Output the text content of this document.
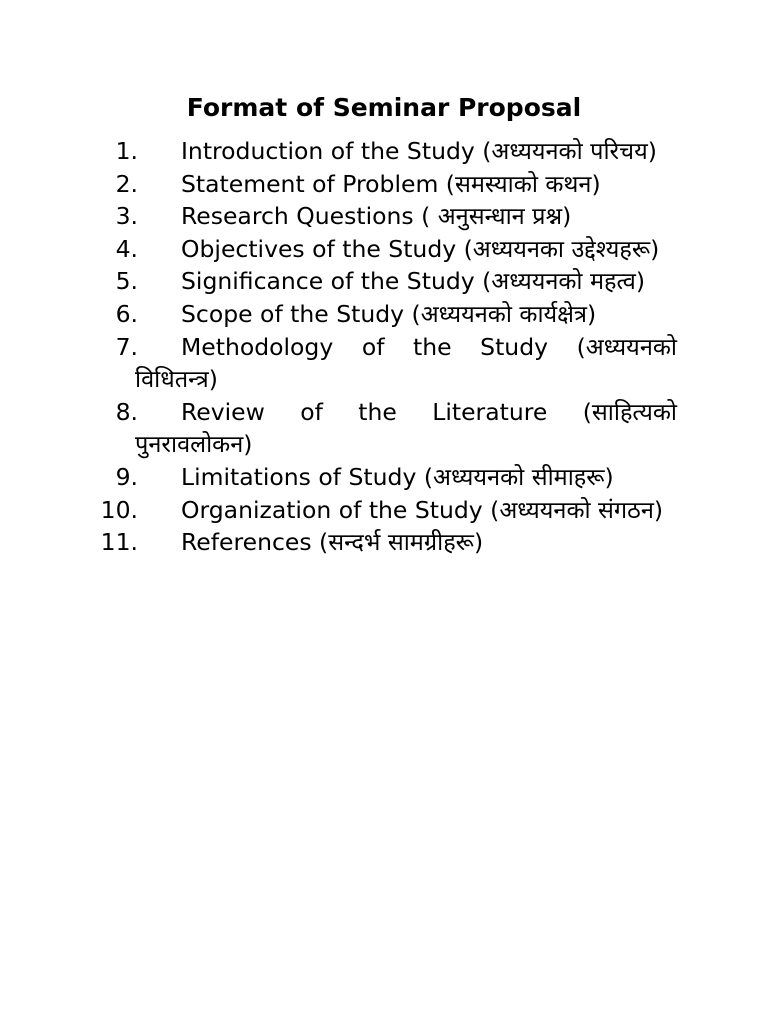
Format of Seminar Proposal
1.	Introduction of the Study (अध्ययनको परिचय)
2.	Statement of Problem (समस्याको कथन)
3.	Research Questions ( अनुसन्धान प्रश्न)
4.	Objectives of the Study (अध्ययनका उद्देश्यहरू)
5.	Significance of the Study (अध्ययनको महत्व)
6.	Scope of the Study (अध्ययनको कार्यक्षेत्र)
7.	Methodology of the Study (अध्ययनको विधितन्त्र)
8.	Review of the Literature (साहित्यको पुनरावलोकन)
9.	Limitations of Study (अध्ययनको सीमाहरू)
10.	Organization of the Study (अध्ययनको संगठन)
11.	References (सन्दर्भ सामग्रीहरू)
